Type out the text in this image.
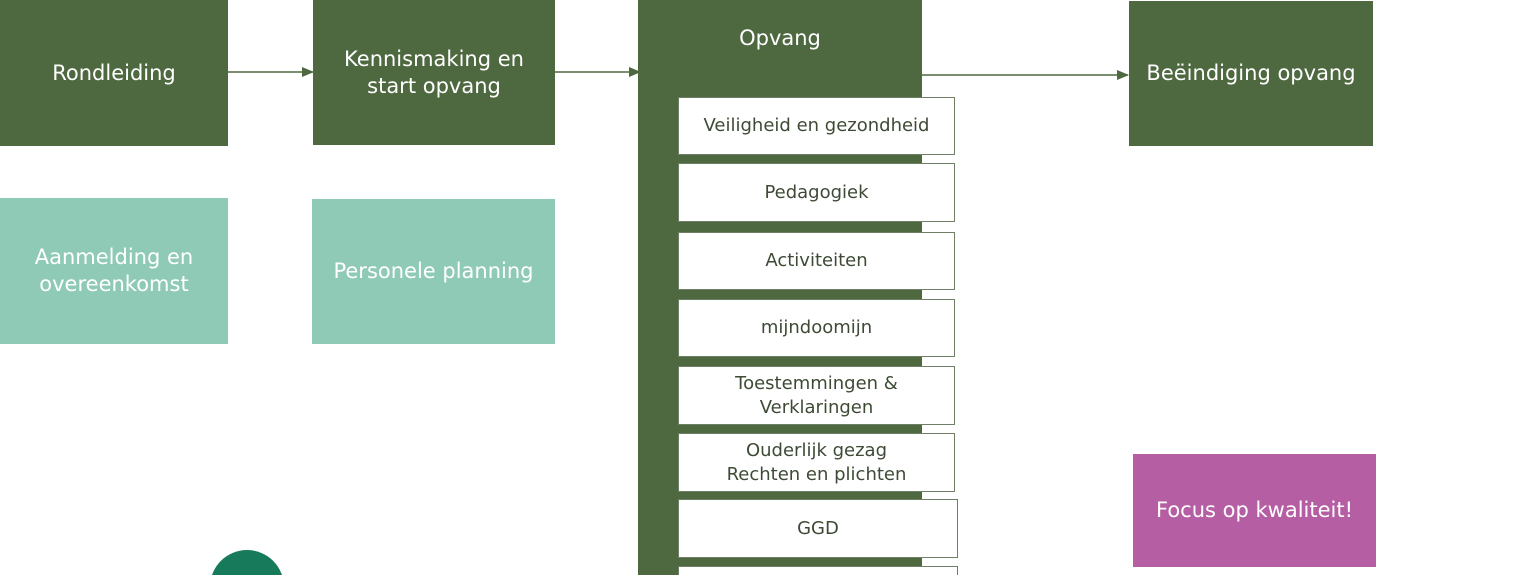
Rondleiding
Kennismaking en
start opvang
Opvang
Veiligheid en gezondheid
Pedagogiek
Activiteiten
mijndoomijn
Toestemmingen &
Verklaringen
Ouderlijk gezag
Rechten en plichten
GGD
Beëindiging opvang
Aanmelding en
overeenkomst
Personele planning
Focus op kwaliteit!
